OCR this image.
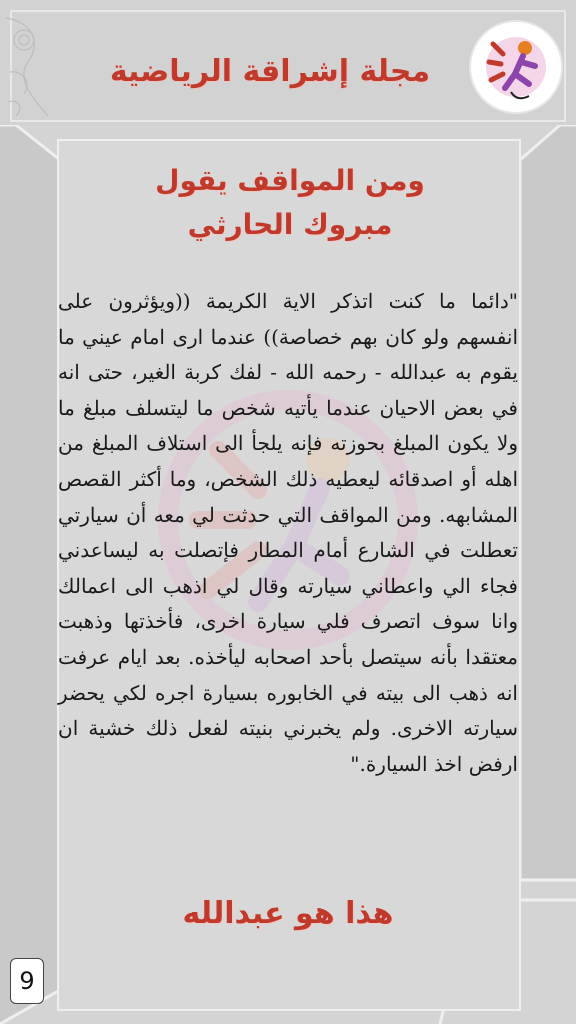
مجلة إشراقة الرياضية
ومن المواقف يقول
مبروك الحارثي

"دائما ما كنت اتذكر الاية الكريمة ((ويؤثرون على انفسهم ولو كان بهم خصاصة)) عندما ارى امام عيني ما يقوم به عبدالله - رحمه الله - لفك كربة الغير، حتى انه في بعض الاحيان عندما يأتيه شخص ما ليتسلف مبلغ ما ولا يكون المبلغ بحوزته فإنه يلجأ الى استلاف المبلغ من اهله أو اصدقائه ليعطيه ذلك الشخص، وما أكثر القصص المشابهه. ومن المواقف التي حدثت لي معه أن سيارتي تعطلت في الشارع أمام المطار فإتصلت به ليساعدني فجاء الي واعطاني سيارته وقال لي اذهب الى اعمالك وانا سوف اتصرف فلي سيارة اخرى، فأخذتها وذهبت معتقدا بأنه سيتصل بأحد اصحابه ليأخذه. بعد ايام عرفت انه ذهب الى بيته في الخابوره بسيارة اجره لكي يحضر سيارته الاخرى. ولم يخبرني بنيته لفعل ذلك خشية ان ارفض اخذ السيارة."

هذا هو عبدالله
9
